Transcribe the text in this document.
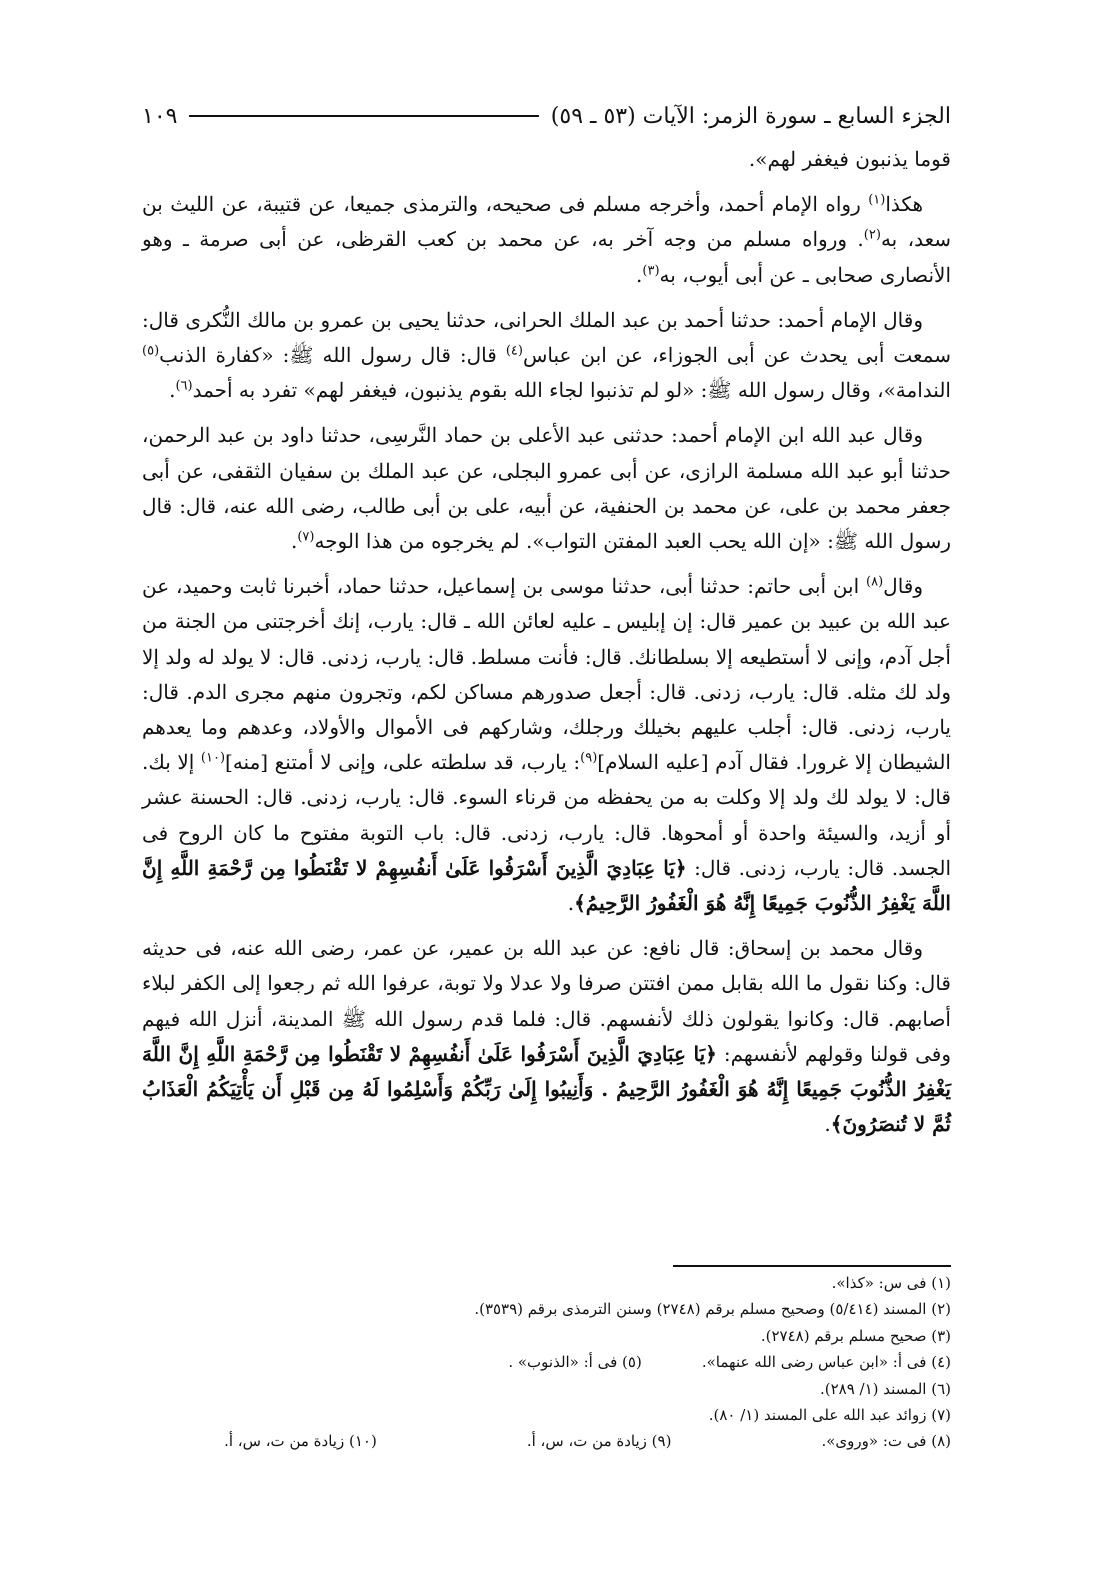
الجزء السابع ـ سورة الزمر: الآيات (٥٣ ـ ٥٩)
١٠٩

قوما يذنبون فيغفر لهم».

هكذا$^{(١)}$ رواه الإمام أحمد، وأخرجه مسلم فى صحيحه، والترمذى جميعا، عن قتيبة، عن الليث بن سعد، به$^{(٢)}$. ورواه مسلم من وجه آخر به، عن محمد بن كعب القرظى، عن أبى صرمة ـ وهو الأنصارى صحابى ـ عن أبى أيوب، به$^{(٣)}$.

وقال الإمام أحمد: حدثنا أحمد بن عبد الملك الحرانى، حدثنا يحيى بن عمرو بن مالك النُّكرى قال: سمعت أبى يحدث عن أبى الجوزاء، عن ابن عباس$^{(٤)}$ قال: قال رسول الله ﷺ: «كفارة الذنب$^{(٥)}$ الندامة»، وقال رسول الله ﷺ: «لو لم تذنبوا لجاء الله بقوم يذنبون، فيغفر لهم» تفرد به أحمد$^{(٦)}$.

وقال عبد الله ابن الإمام أحمد: حدثنى عبد الأعلى بن حماد النَّرسِى، حدثنا داود بن عبد الرحمن، حدثنا أبو عبد الله مسلمة الرازى، عن أبى عمرو البجلى، عن عبد الملك بن سفيان الثقفى، عن أبى جعفر محمد بن على، عن محمد بن الحنفية، عن أبيه، على بن أبى طالب، رضى الله عنه، قال: قال رسول الله ﷺ: «إن الله يحب العبد المفتن التواب». لم يخرجوه من هذا الوجه$^{(٧)}$.

وقال$^{(٨)}$ ابن أبى حاتم: حدثنا أبى، حدثنا موسى بن إسماعيل، حدثنا حماد، أخبرنا ثابت وحميد، عن عبد الله بن عبيد بن عمير قال: إن إبليس ـ عليه لعائن الله ـ قال: يارب، إنك أخرجتنى من الجنة من أجل آدم، وإنى لا أستطيعه إلا بسلطانك. قال: فأنت مسلط. قال: يارب، زدنى. قال: لا يولد له ولد إلا ولد لك مثله. قال: يارب، زدنى. قال: أجعل صدورهم مساكن لكم، وتجرون منهم مجرى الدم. قال: يارب، زدنى. قال: أجلب عليهم بخيلك ورجلك، وشاركهم فى الأموال والأولاد، وعدهم وما يعدهم الشيطان إلا غرورا. فقال آدم [عليه السلام]$^{(٩)}$: يارب، قد سلطته على، وإنى لا أمتنع [منه]$^{(١٠)}$ إلا بك. قال: لا يولد لك ولد إلا وكلت به من يحفظه من قرناء السوء. قال: يارب، زدنى. قال: الحسنة عشر أو أزيد، والسيئة واحدة أو أمحوها. قال: يارب، زدنى. قال: باب التوبة مفتوح ما كان الروح فى الجسد. قال: يارب، زدنى. قال: ﴿يَا عِبَادِيَ الَّذِينَ أَسْرَفُوا عَلَىٰ أَنفُسِهِمْ لا تَقْنَطُوا مِن رَّحْمَةِ اللَّهِ إِنَّ اللَّهَ يَغْفِرُ الذُّنُوبَ جَمِيعًا إِنَّهُ هُوَ الْغَفُورُ الرَّحِيمُ﴾.

وقال محمد بن إسحاق: قال نافع: عن عبد الله بن عمير، عن عمر، رضى الله عنه، فى حديثه قال: وكنا نقول ما الله بقابل ممن افتتن صرفا ولا عدلا ولا توبة، عرفوا الله ثم رجعوا إلى الكفر لبلاء أصابهم. قال: وكانوا يقولون ذلك لأنفسهم. قال: فلما قدم رسول الله ﷺ المدينة، أنزل الله فيهم وفى قولنا وقولهم لأنفسهم: ﴿يَا عِبَادِيَ الَّذِينَ أَسْرَفُوا عَلَىٰ أَنفُسِهِمْ لا تَقْنَطُوا مِن رَّحْمَةِ اللَّهِ إِنَّ اللَّهَ يَغْفِرُ الذُّنُوبَ جَمِيعًا إِنَّهُ هُوَ الْغَفُورُ الرَّحِيمُ . وَأَنِيبُوا إِلَىٰ رَبِّكُمْ وَأَسْلِمُوا لَهُ مِن قَبْلِ أَن يَأْتِيَكُمُ الْعَذَابُ ثُمَّ لا تُنصَرُونَ﴾.

(١) فى س: «كذا».
(٢) المسند (٥/٤١٤) وصحيح مسلم برقم (٢٧٤٨) وسنن الترمذى برقم (٣٥٣٩).
(٣) صحيح مسلم برقم (٢٧٤٨).
(٤) فى أ: «ابن عباس رضى الله عنهما».
(٥) فى أ: «الذنوب» .
(٦) المسند (١/ ٢٨٩).
(٧) زوائد عبد الله على المسند (١/ ٨٠).
(٨) فى ت: «وروى».
(٩) زيادة من ت، س، أ.
(١٠) زيادة من ت، س، أ.
